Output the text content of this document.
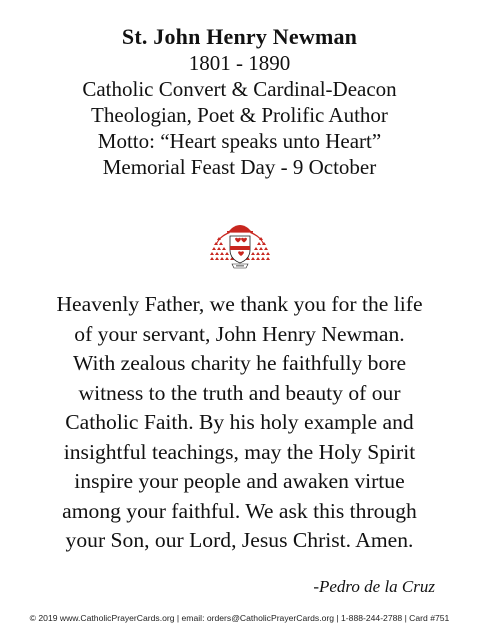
St. John Henry Newman
1801 - 1890
Catholic Convert & Cardinal-Deacon
Theologian, Poet & Prolific Author
Motto: “Heart speaks unto Heart”
Memorial Feast Day - 9 October
Heavenly Father, we thank you for the life
of your servant, John Henry Newman.
With zealous charity he faithfully bore
witness to the truth and beauty of our
Catholic Faith. By his holy example and
insightful teachings, may the Holy Spirit
inspire your people and awaken virtue
among your faithful. We ask this through
your Son, our Lord, Jesus Christ. Amen.
-Pedro de la Cruz
© 2019 www.CatholicPrayerCards.org | email: orders@CatholicPrayerCards.org | 1-888-244-2788 | Card #751
